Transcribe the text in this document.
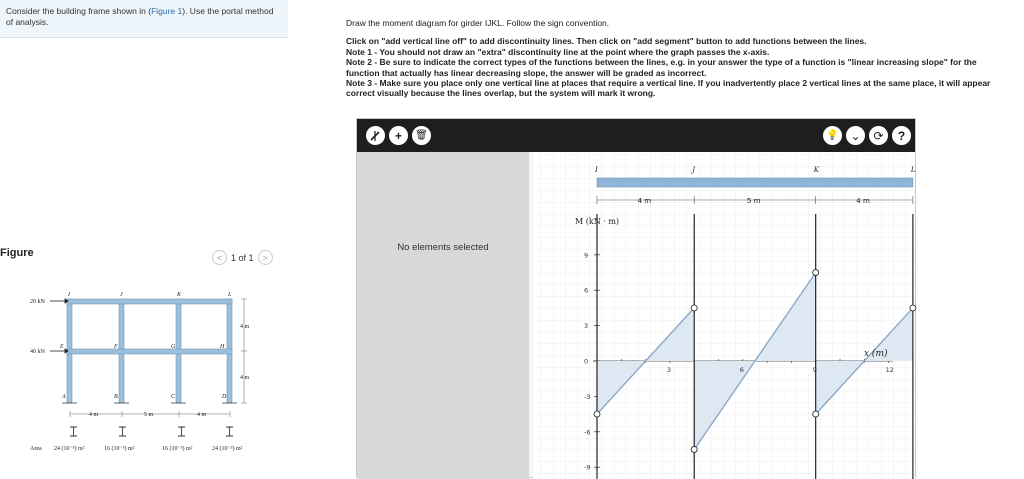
Consider the building frame shown in (Figure 1). Use the portal method of analysis.
Figure	< 1 of 1 >
I	J	K	L
E	F	G	H
A	B	C	D
20 kN
40 kN
4 m
4 m
4 m	5 m	4 m
Area 24 (10⁻³) m²	16 (10⁻³) m²	16 (10⁻³) m²	24 (10⁻³) m²

Draw the moment diagram for girder IJKL. Follow the sign convention.

Click on "add vertical line off" to add discontinuity lines. Then click on "add segment" button to add functions between the lines.

Note 1 - You should not draw an "extra" discontinuity line at the point where the graph passes the x-axis.

Note 2 - Be sure to indicate the correct types of the functions between the lines, e.g. in your answer the type of a function is "linear increasing slope" for the function that actually has linear decreasing slope, the answer will be graded as incorrect.

Note 3 - Make sure you place only one vertical line at places that require a vertical line. If you inadvertently place 2 vertical lines at the same place, it will appear correct visually because the lines overlap, but the system will mark it wrong.

+	🗑	💡 ⌄	⟳	?
No elements selected
I	J	K	L
4 m	5 m	4 m
-9
-6
-3
0
3
6
9
3	6	9	12
M (kN · m)
x (m)
